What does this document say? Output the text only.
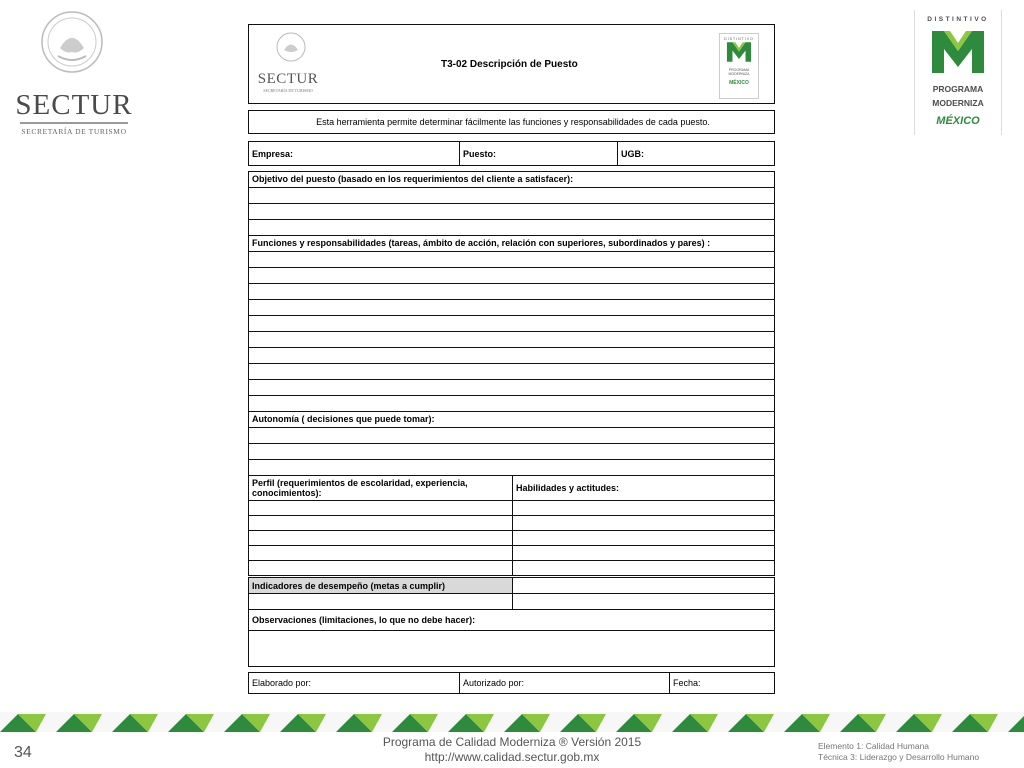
SECTUR
SECRETARÍA DE TURISMO
DISTINTIVO
PROGRAMA
MODERNIZA
MÉXICO
SECTUR
SECRETARÍA DE TURISMO
T3-02 Descripción de Puesto
DISTINTIVO
PROGRAMA
MODERNIZA
MÉXICO
Esta herramienta permite determinar fácilmente las funciones y responsabilidades de cada puesto.
Empresa:	Puesto:	UGB:
Objetivo del puesto (basado en los requerimientos del cliente a satisfacer):
Funciones y responsabilidades (tareas, ámbito de acción, relación con superiores, subordinados y pares) :
Autonomía ( decisiones que puede tomar):
Perfil (requerimientos de escolaridad, experiencia, conocimientos):	Habilidades y actitudes:
Indicadores de desempeño (metas a cumplir)
Observaciones (limitaciones, lo que no debe hacer):
Elaborado por:	Autorizado por:	Fecha:
34
Programa de Calidad Moderniza ® Versión 2015
http://www.calidad.sectur.gob.mx
Elemento 1: Calidad Humana
Técnica 3: Liderazgo y Desarrollo Humano
